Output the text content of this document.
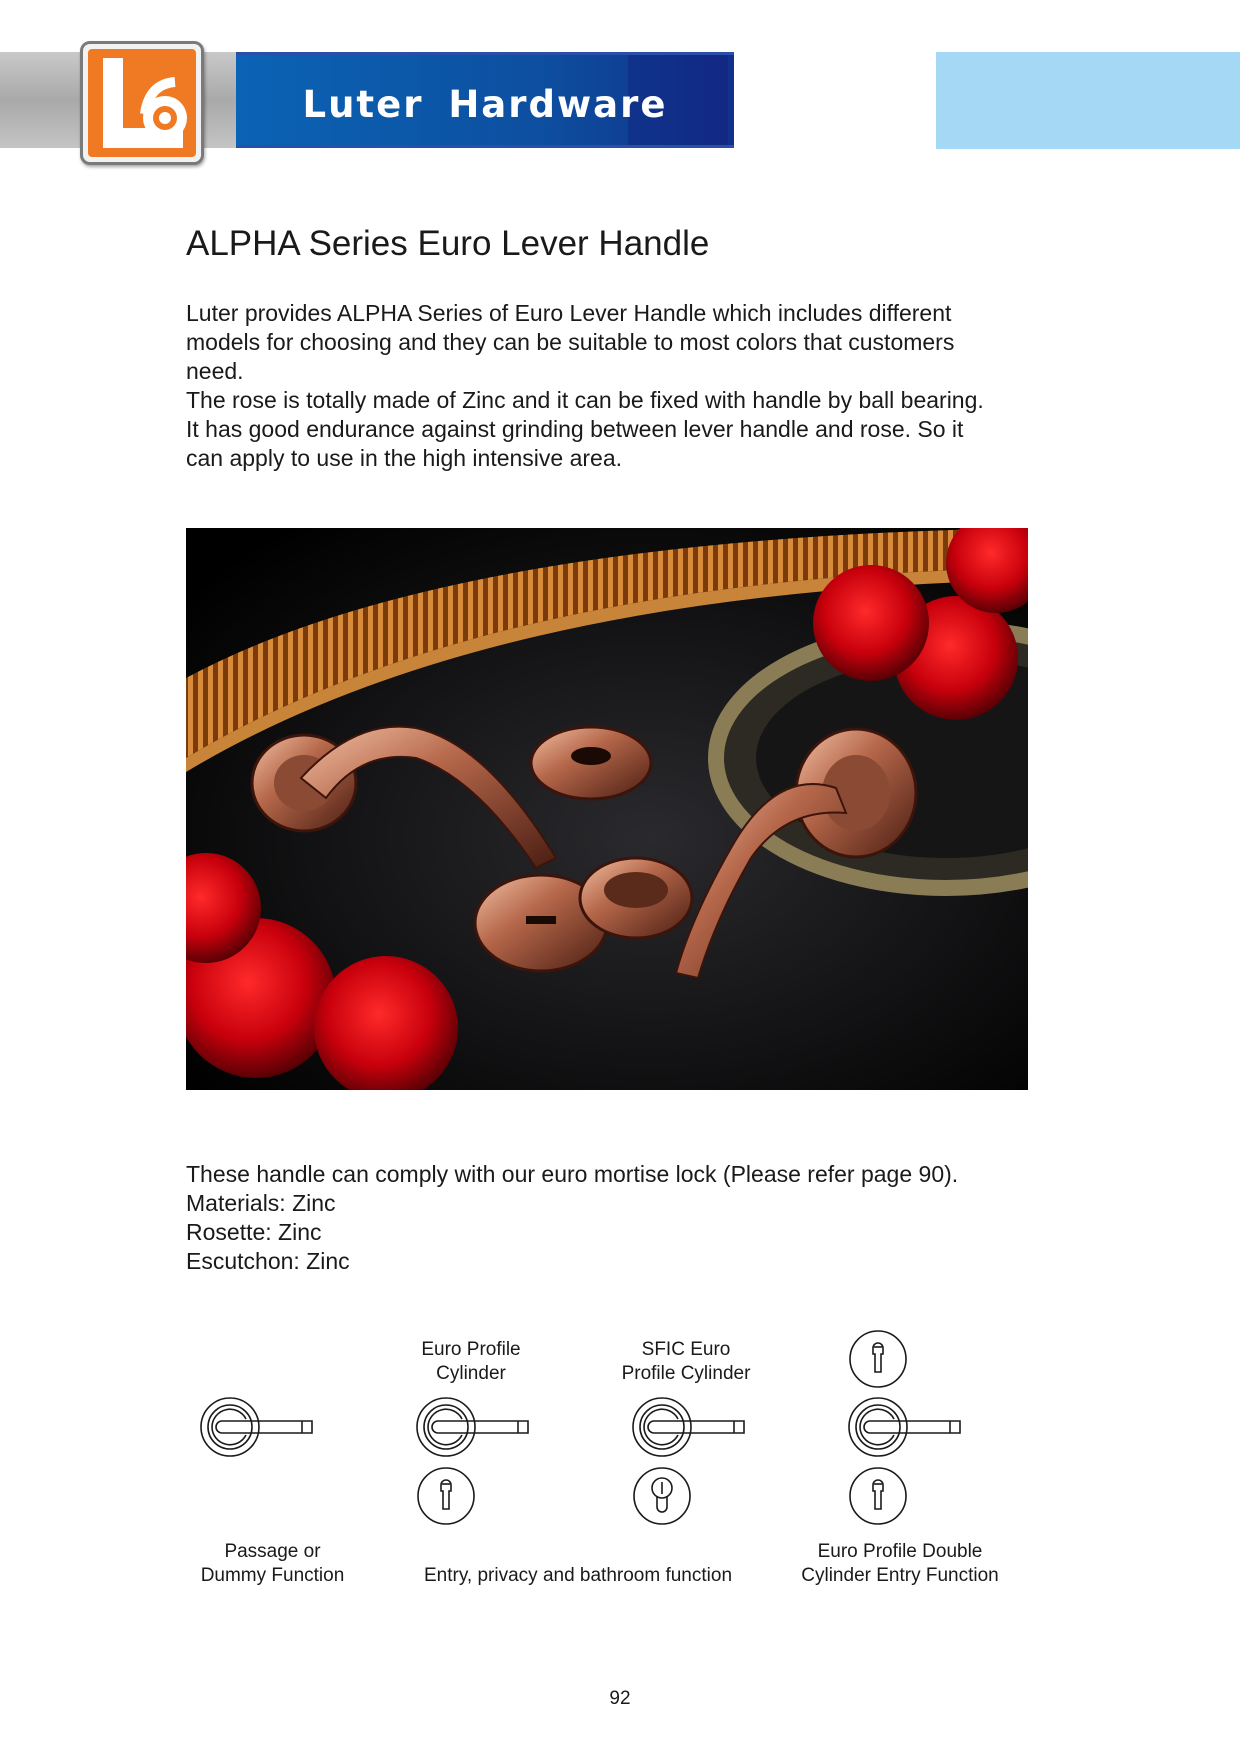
Luter Hardware
ALPHA Series Euro Lever Handle
Luter provides ALPHA Series of Euro Lever Handle which includes different
models for choosing and they can be suitable to most colors that customers
need.
The rose is totally made of Zinc and it can be fixed with handle by ball bearing.
It has good endurance against grinding between lever handle and rose. So it
can apply to use in the high intensive area.
These handle can comply with our euro mortise lock (Please refer page 90).
Materials: Zinc
Rosette: Zinc
Escutchon: Zinc
Euro Profile
Cylinder
SFIC Euro
Profile Cylinder
Passage or
Dummy Function	Entry, privacy and bathroom function
Euro Profile Double
Cylinder Entry Function
92
